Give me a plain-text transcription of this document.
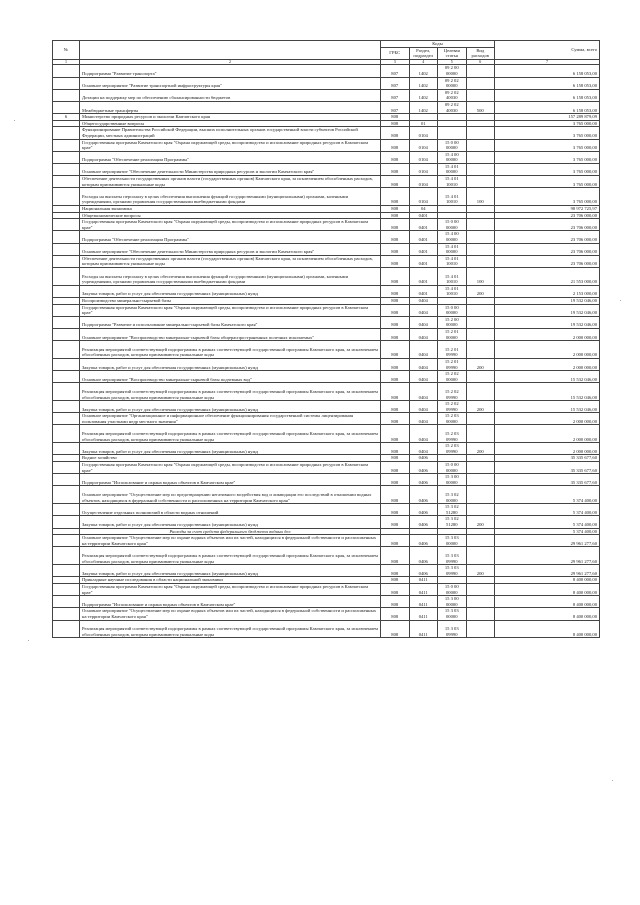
№		Коды				Сумма, всего
		ГРБС	Раздел, подраздел	Целевая статья	Вид расходов	
1	2	3	4	5	6	7
	Подпрограмма "Развитие транспорта"	807	1402	09 2 00 00000		6 158 053,00
	Основное мероприятие "Развитие транспортной инфраструктуры края"	807	1402	09 2 02 00000		6 158 053,00
	Дотации на поддержку мер по обеспечению сбалансированности бюджетов	807	1402	09 2 02 40030		6 158 053,00
	Межбюджетные трансферты	807	1402	09 2 02 40030	500	6 158 053,00
6	Министерство природных ресурсов и экологии Камчатского края	808				157 289 879,09
	Общегосударственные вопросы	808	01			3 765 000,00
	Функционирование Правительства Российской Федерации, высших исполнительных органов государственной власти субъектов Российской Федерации, местных администраций	808	0104			3 765 000,00
	Государственная программа Камчатского края "Охрана окружающей среды, воспроизводство и использование природных ресурсов в Камчатском крае"	808	0104	15 0 00 00000		3 765 000,00
	Подпрограмма "Обеспечение реализации Программы"	808	0104	15 4 00 00000		3 765 000,00
	Основное мероприятие "Обеспечение деятельности Министерства природных ресурсов и экологии Камчатского края"	808	0104	15 4 01 00000		3 765 000,00
	Обеспечение деятельности государственных органов власти (государственных органов) Камчатского края, за исключением обособленных расходов, которым присваиваются уникальные коды	808	0104	15 4 01 10010		3 765 000,00
	Расходы на выплаты персоналу в целях обеспечения выполнения функций государственными (муниципальными) органами, казенными учреждениями, органами управления государственными внебюджетными фондами	808	0104	15 4 01 10010	100	3 765 000,00
	Национальная экономика	808	04			98 972 725,97
	Общеэкономические вопросы	808	0401			23 706 000,00
	Государственная программа Камчатского края "Охрана окружающей среды, воспроизводство и использование природных ресурсов в Камчатском крае"	808	0401	15 0 00 00000		23 706 000,00
	Подпрограмма "Обеспечение реализации Программы"	808	0401	15 4 00 00000		23 706 000,00
	Основное мероприятие "Обеспечение деятельности Министерства природных ресурсов и экологии Камчатского края"	808	0401	15 4 01 00000		23 706 000,00
	Обеспечение деятельности государственных органов власти (государственных органов) Камчатского края, за исключением обособленных расходов, которым присваиваются уникальные коды	808	0401	15 4 01 10010		23 706 000,00
	Расходы на выплаты персоналу в целях обеспечения выполнения функций государственными (муниципальными) органами, казенными учреждениями, органами управления государственными внебюджетными фондами	808	0401	15 4 01 10010	100	21 553 000,00
	Закупка товаров, работ и услуг для обеспечения государственных (муниципальных) нужд	808	0401	15 4 01 10010	200	2 153 000,00
	Воспроизводство минерально-сырьевой базы	808	0404			19 532 046,00
	Государственная программа Камчатского края "Охрана окружающей среды, воспроизводство и использование природных ресурсов в Камчатском крае"	808	0404	15 0 00 00000		19 532 046,00
	Подпрограмма "Развитие и использование минерально-сырьевой базы Камчатского края"	808	0404	15 2 00 00000		19 532 046,00
	Основное мероприятие "Воспроизводство минерально-сырьевой базы общераспространенных полезных ископаемых"	808	0404	15 2 01 00000		2 000 000,00
	Реализация мероприятий соответствующей подпрограммы в рамках соответствующей государственной программы Камчатского края, за исключением обособленных расходов, которым присваиваются уникальные коды	808	0404	15 2 01 09990		2 000 000,00
	Закупка товаров, работ и услуг для обеспечения государственных (муниципальных) нужд	808	0404	15 2 01 09990	200	2 000 000,00
	Основное мероприятие "Воспроизводство минерально-сырьевой базы подземных вод"	808	0404	15 2 02 00000		15 532 046,00
	Реализация мероприятий соответствующей подпрограммы в рамках соответствующей государственной программы Камчатского края, за исключением обособленных расходов, которым присваиваются уникальные коды	808	0404	15 2 02 09990		15 532 046,00
	Закупка товаров, работ и услуг для обеспечения государственных (муниципальных) нужд	808	0404	15 2 02 09990	200	15 532 046,00
	Основное мероприятие "Организационное и информационное обеспечение функционирования государственной системы лицензирования пользования участками недр местного значения"	808	0404	15 2 03 00000		2 000 000,00
	Реализация мероприятий соответствующей подпрограммы в рамках соответствующей государственной программы Камчатского края, за исключением обособленных расходов, которым присваиваются уникальные коды	808	0404	15 2 03 09990		2 000 000,00
	Закупка товаров, работ и услуг для обеспечения государственных (муниципальных) нужд	808	0404	15 2 03 09990	200	2 000 000,00
	Водное хозяйство	808	0406			35 335 677,60
	Государственная программа Камчатского края "Охрана окружающей среды, воспроизводство и использование природных ресурсов в Камчатском крае"	808	0406	15 0 00 00000		35 335 677,60
	Подпрограмма "Использование и охрана водных объектов в Камчатском крае"	808	0406	15 3 00 00000		35 335 677,60
	Основное мероприятие "Осуществление мер по предотвращению негативного воздействия вод и ликвидации его последствий в отношении водных объектов, находящихся в федеральной собственности и расположенных на территории Камчатского края"	808	0406	15 3 02 00000		5 374 400,00
	Осуществление отдельных полномочий в области водных отношений	808	0406	15 3 02 51280		5 374 400,00
	Закупка товаров, работ и услуг для обеспечения государственных (муниципальных) нужд	808	0406	15 3 02 51280	200	5 374 400,00
	Расходы за счет средств федерального бюджета водных дел					5 374 400,00
	Основное мероприятие "Осуществление мер по охране водных объектов или их частей, находящихся в федеральной собственности и расположенных на территории Камчатского края"	808	0406	15 3 03 00000		29 961 277,60
	Реализация мероприятий соответствующей подпрограммы в рамках соответствующей государственной программы Камчатского края, за исключением обособленных расходов, которым присваиваются уникальные коды	808	0406	15 3 03 09990		29 961 277,60
	Закупка товаров, работ и услуг для обеспечения государственных (муниципальных) нужд	808	0406	15 3 03 09990	200	29 961 277,60
	Прикладные научные исследования в области национальной экономики	808	0411			8 400 000,00
	Государственная программа Камчатского края "Охрана окружающей среды, воспроизводство и использование природных ресурсов в Камчатском крае"	808	0411	15 0 00 00000		8 400 000,00
	Подпрограмма "Использование и охрана водных объектов в Камчатском крае"	808	0411	15 3 00 00000		8 400 000,00
	Основное мероприятие "Осуществление мер по охране водных объектов или их частей, находящихся в федеральной собственности и расположенных на территории Камчатского края"	808	0411	15 3 03 00000		8 400 000,00
	Реализация мероприятий соответствующей подпрограммы в рамках соответствующей государственной программы Камчатского края, за исключением обособленных расходов, которым присваиваются уникальные коды	808	0411	15 3 03 09990		8 400 000,00
